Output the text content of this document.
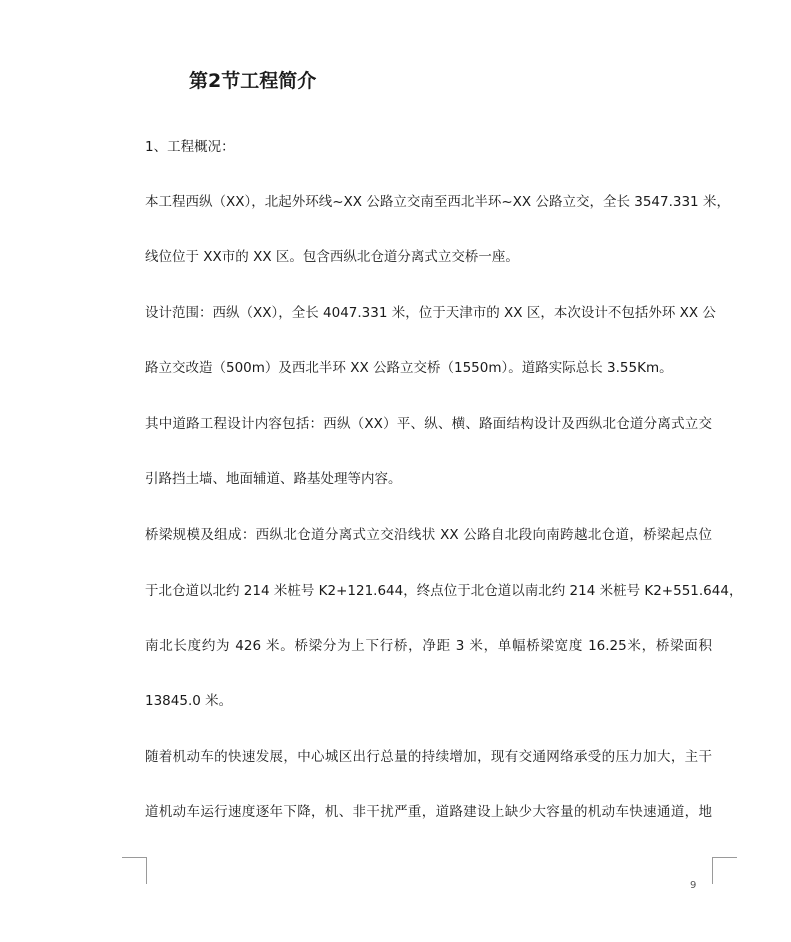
第2节工程简介
1、工程概况：
本工程西纵（XX），北起外环线~XX 公路立交南至西北半环~XX 公路立交，全长 3547.331 米，
线位位于 XX市的 XX 区。包含西纵北仓道分离式立交桥一座。
设计范围：西纵（XX），全长 4047.331 米，位于天津市的 XX 区，本次设计不包括外环 XX 公
路立交改造（500m）及西北半环 XX 公路立交桥（1550m）。道路实际总长 3.55Km。
其中道路工程设计内容包括：西纵（XX）平、纵、横、路面结构设计及西纵北仓道分离式立交
引路挡土墙、地面辅道、路基处理等内容。
桥梁规模及组成：西纵北仓道分离式立交沿线状 XX 公路自北段向南跨越北仓道，桥梁起点位
于北仓道以北约 214 米桩号 K2+121.644，终点位于北仓道以南北约 214 米桩号 K2+551.644，
南北长度约为 426 米。桥梁分为上下行桥，净距 3 米，单幅桥梁宽度 16.25米，桥梁面积
13845.0 米。
随着机动车的快速发展，中心城区出行总量的持续增加，现有交通网络承受的压力加大，主干
道机动车运行速度逐年下降，机、非干扰严重，道路建设上缺少大容量的机动车快速通道，地
9
